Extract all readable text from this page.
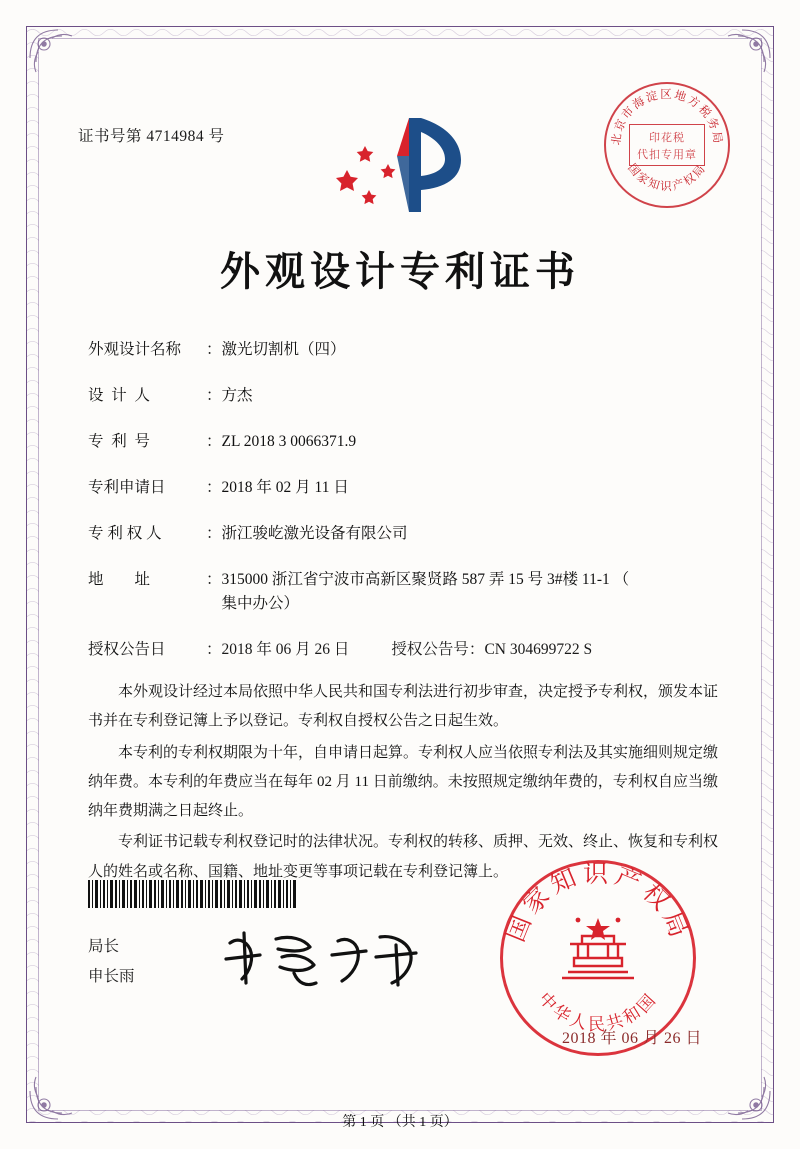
证书号第 4714984 号	北京市海淀区地方税务局
国家知识产权局
印花税
代扣专用章
外观设计专利证书
外观设计名称	： 激光切割机（四）
设  计  人	： 方杰
专  利  号	： ZL 2018 3 0066371.9
专利申请日	： 2018 年 02 月 11 日
专 利 权 人	： 浙江骏屹激光设备有限公司
地        址	： 315000 浙江省宁波市高新区聚贤路 587 弄 15 号 3#楼 11-1 （
集中办公）
授权公告日	： 2018 年 06 月 26 日	授权公告号 ： CN 304699722 S

本外观设计经过本局依照中华人民共和国专利法进行初步审查，决定授予专利权，颁发本证书并在专利登记簿上予以登记。专利权自授权公告之日起生效。

本专利的专利权期限为十年，自申请日起算。专利权人应当依照专利法及其实施细则规定缴纳年费。本专利的年费应当在每年 02 月 11 日前缴纳。未按照规定缴纳年费的，专利权自应当缴纳年费期满之日起终止。

专利证书记载专利权登记时的法律状况。专利权的转移、质押、无效、终止、恢复和专利权人的姓名或名称、国籍、地址变更等事项记载在专利登记簿上。

局长
申长雨
国家知识产权局
中华人民共和国
2018 年 06 月 26 日
第 1 页 （共 1 页）
